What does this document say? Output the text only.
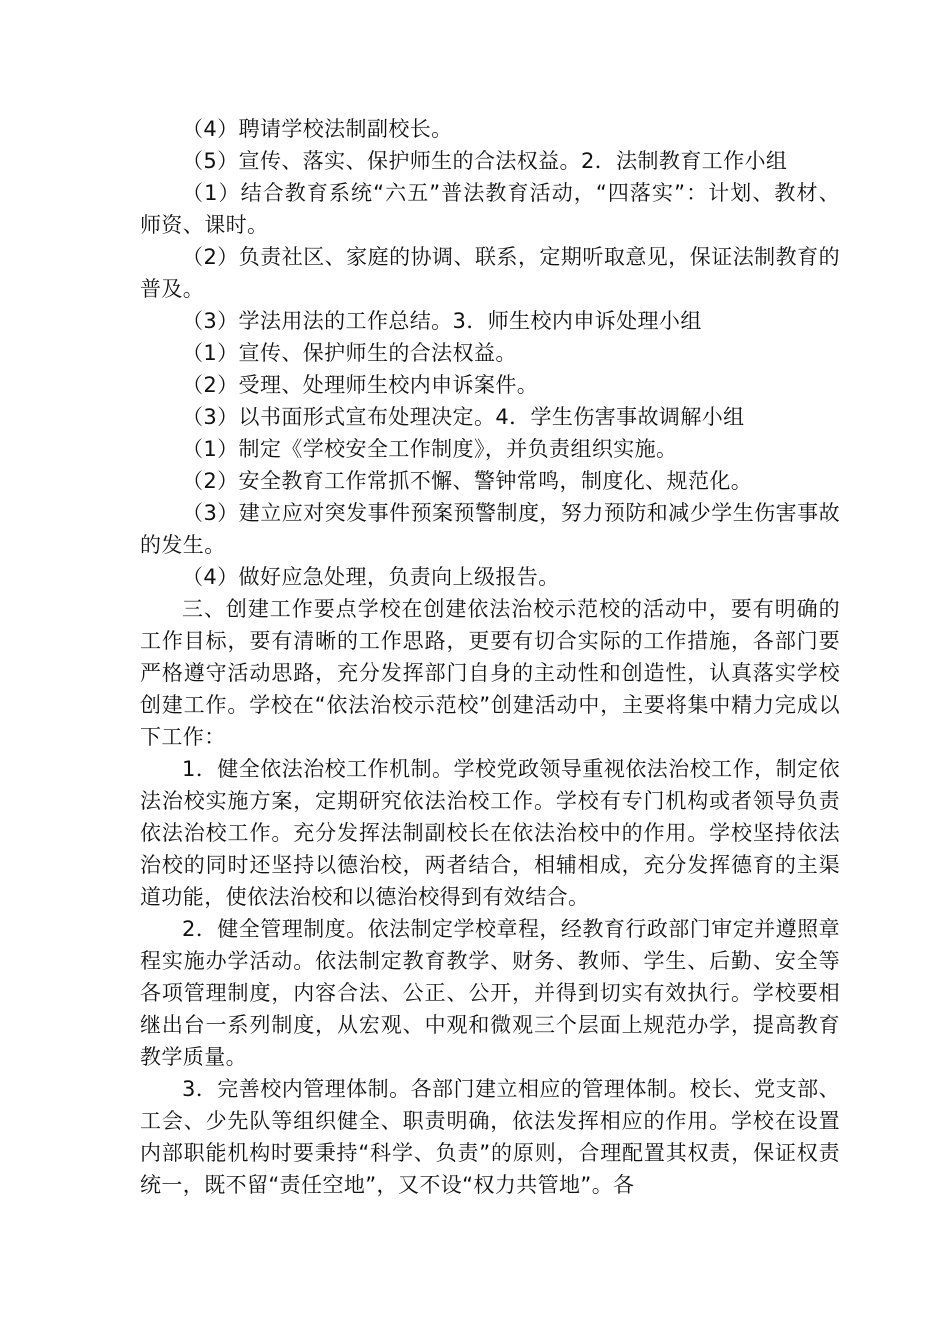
（4）聘请学校法制副校长。

（5）宣传、落实、保护师生的合法权益。2．法制教育工作小组

（1）结合教育系统“六五”普法教育活动，“四落实”：计划、教材、师资、课时。

（2）负责社区、家庭的协调、联系，定期听取意见，保证法制教育的普及。

（3）学法用法的工作总结。3．师生校内申诉处理小组

（1）宣传、保护师生的合法权益。

（2）受理、处理师生校内申诉案件。

（3）以书面形式宣布处理决定。4．学生伤害事故调解小组

（1）制定《学校安全工作制度》，并负责组织实施。

（2）安全教育工作常抓不懈、警钟常鸣，制度化、规范化。

（3）建立应对突发事件预案预警制度，努力预防和减少学生伤害事故的发生。

（4）做好应急处理，负责向上级报告。

三、创建工作要点学校在创建依法治校示范校的活动中，要有明确的工作目标，要有清晰的工作思路，更要有切合实际的工作措施，各部门要严格遵守活动思路，充分发挥部门自身的主动性和创造性，认真落实学校创建工作。学校在“依法治校示范校”创建活动中，主要将集中精力完成以下工作：

1．健全依法治校工作机制。学校党政领导重视依法治校工作，制定依法治校实施方案，定期研究依法治校工作。学校有专门机构或者领导负责依法治校工作。充分发挥法制副校长在依法治校中的作用。学校坚持依法治校的同时还坚持以德治校，两者结合，相辅相成，充分发挥德育的主渠道功能，使依法治校和以德治校得到有效结合。

2．健全管理制度。依法制定学校章程，经教育行政部门审定并遵照章程实施办学活动。依法制定教育教学、财务、教师、学生、后勤、安全等各项管理制度，内容合法、公正、公开，并得到切实有效执行。学校要相继出台一系列制度，从宏观、中观和微观三个层面上规范办学，提高教育教学质量。

3．完善校内管理体制。各部门建立相应的管理体制。校长、党支部、工会、少先队等组织健全、职责明确，依法发挥相应的作用。学校在设置内部职能机构时要秉持“科学、负责”的原则，合理配置其权责，保证权责统一，既不留“责任空地”，又不设“权力共管地”。各
